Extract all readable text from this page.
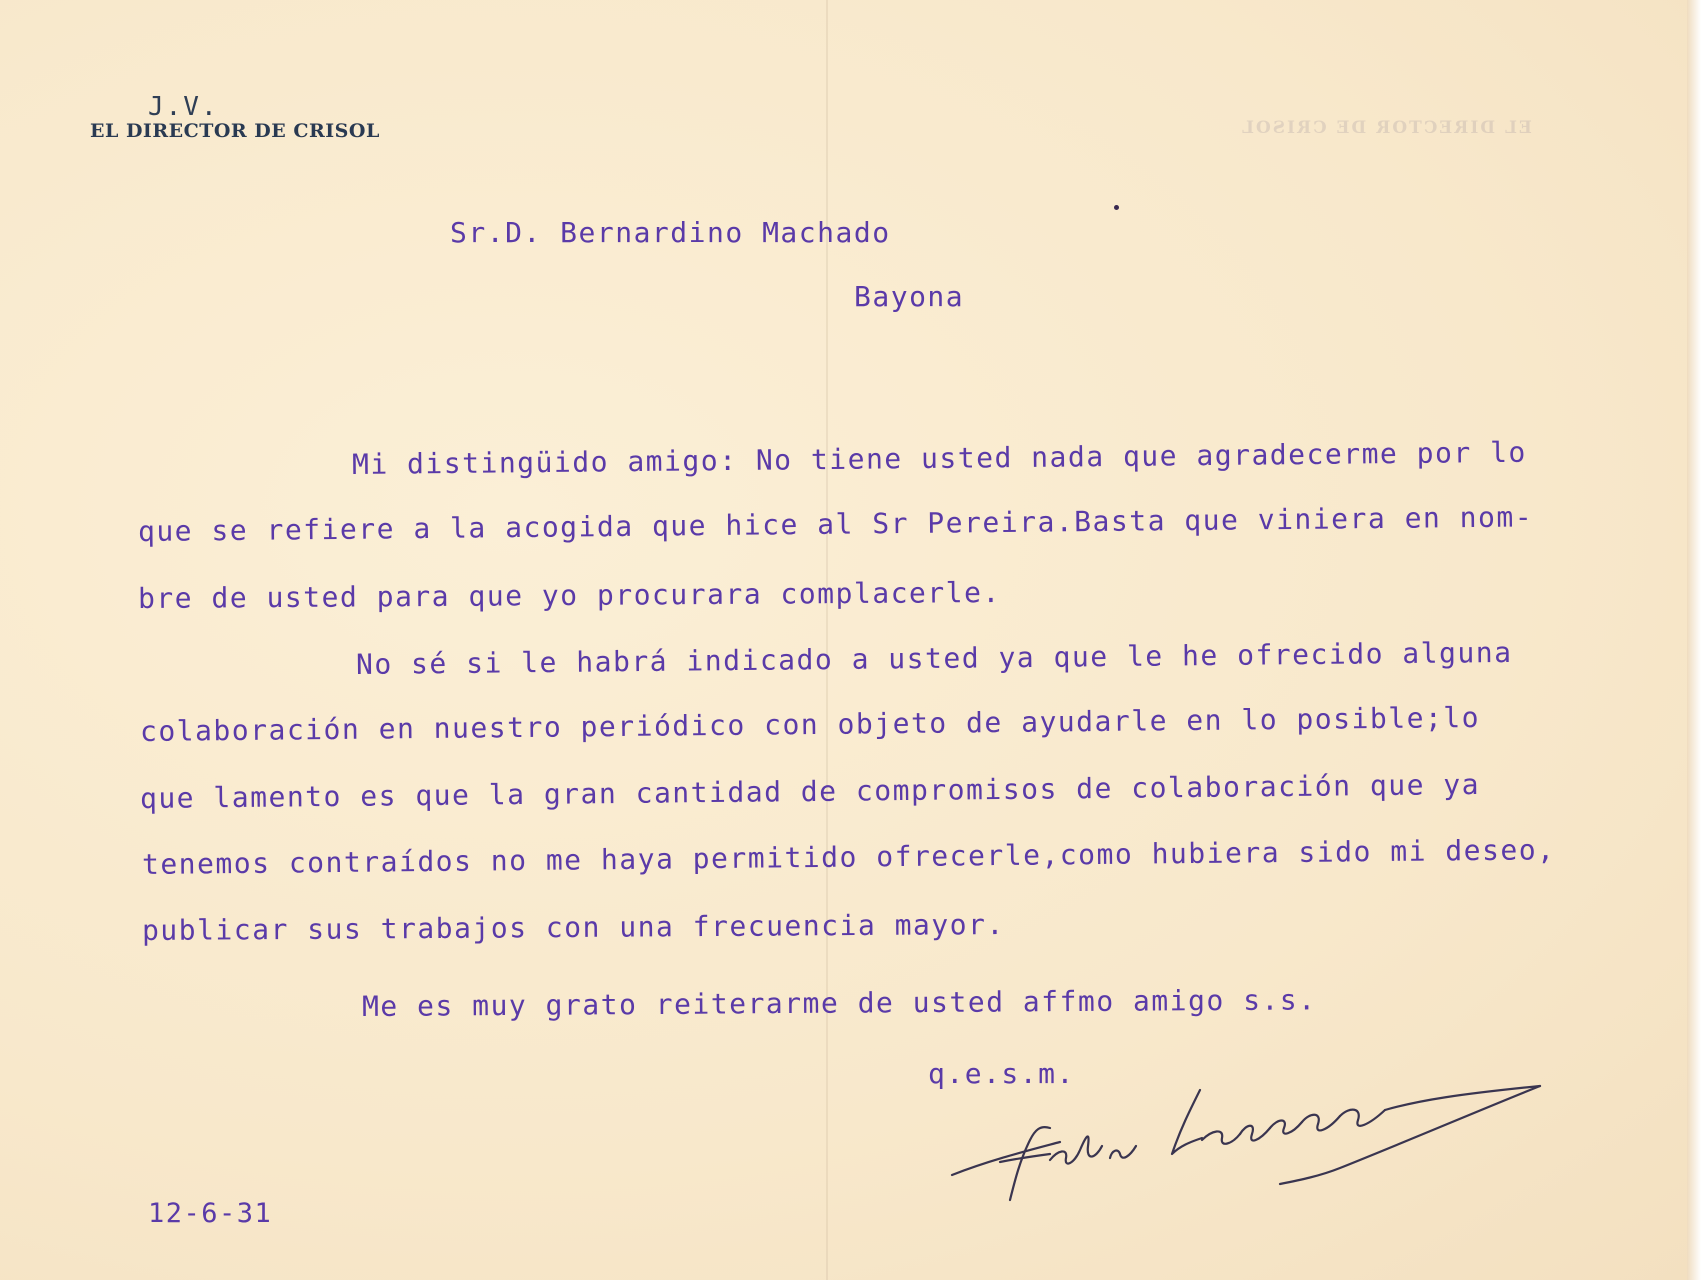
EL DIRECTOR DE CRISOL
J.V.
EL DIRECTOR DE CRISOL
Sr.D. Bernardino Machado
Bayona
Mi distingüido amigo: No tiene usted nada que agradecerme por lo
que se refiere a la acogida que hice al Sr Pereira.Basta que viniera en nom-
bre de usted para que yo procurara complacerle.
No sé si le habrá indicado a usted ya que le he ofrecido alguna
colaboración en nuestro periódico con objeto de ayudarle en lo posible;lo
que lamento es que la gran cantidad de compromisos de colaboración que ya
tenemos contraídos no me haya permitido ofrecerle,como hubiera sido mi deseo,
publicar sus trabajos con una frecuencia mayor.
Me es muy grato reiterarme de usted affmo amigo s.s.
q.e.s.m.
12-6-31
